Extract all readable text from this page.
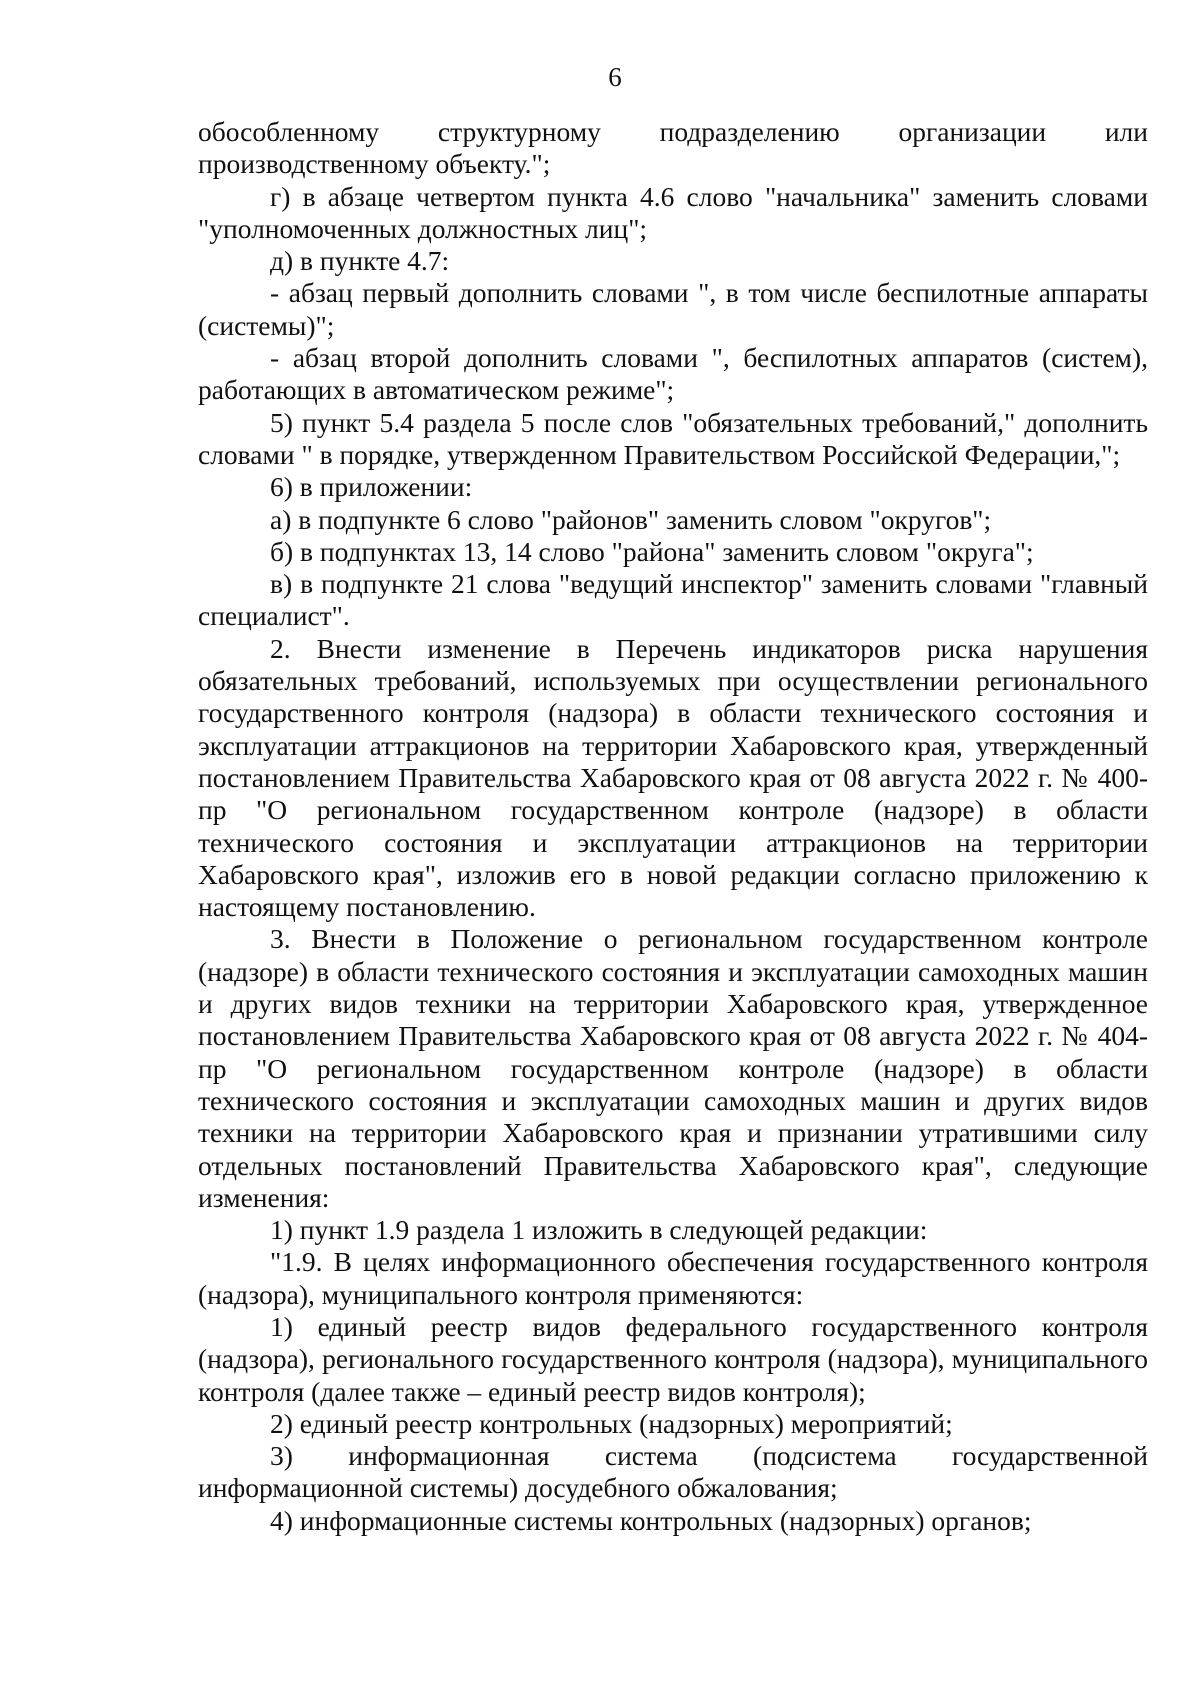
6

обособленному структурному подразделению организации или производственному объекту.";

г) в абзаце четвертом пункта 4.6 слово "начальника" заменить словами "уполномоченных должностных лиц";

д) в пункте 4.7:

- абзац первый дополнить словами ", в том числе беспилотные аппараты (системы)";

- абзац второй дополнить словами ", беспилотных аппаратов (систем), работающих в автоматическом режиме";

5) пункт 5.4 раздела 5 после слов "обязательных требований," дополнить словами " в порядке, утвержденном Правительством Российской Федерации,";

6) в приложении:

а) в подпункте 6 слово "районов" заменить словом "округов";

б) в подпунктах 13, 14 слово "района" заменить словом "округа";

в) в подпункте 21 слова "ведущий инспектор" заменить словами "главный специалист".

2. Внести изменение в Перечень индикаторов риска нарушения обязательных требований, используемых при осуществлении регионального государственного контроля (надзора) в области технического состояния и эксплуатации аттракционов на территории Хабаровского края, утвержденный постановлением Правительства Хабаровского края от 08 августа 2022 г. № 400-пр "О региональном государственном контроле (надзоре) в области технического состояния и эксплуатации аттракционов на территории Хабаровского края", изложив его в новой редакции согласно приложению к настоящему постановлению.

3. Внести в Положение о региональном государственном контроле (надзоре) в области технического состояния и эксплуатации самоходных машин и других видов техники на территории Хабаровского края, утвержденное постановлением Правительства Хабаровского края от 08 августа 2022 г. № 404-пр "О региональном государственном контроле (надзоре) в области технического состояния и эксплуатации самоходных машин и других видов техники на территории Хабаровского края и признании утратившими силу отдельных постановлений Правительства Хабаровского края", следующие изменения:

1) пункт 1.9 раздела 1 изложить в следующей редакции:

"1.9. В целях информационного обеспечения государственного контроля (надзора), муниципального контроля применяются:

1) единый реестр видов федерального государственного контроля (надзора), регионального государственного контроля (надзора), муниципального контроля (далее также – единый реестр видов контроля);

2) единый реестр контрольных (надзорных) мероприятий;

3) информационная система (подсистема государственной информационной системы) досудебного обжалования;

4) информационные системы контрольных (надзорных) органов;
